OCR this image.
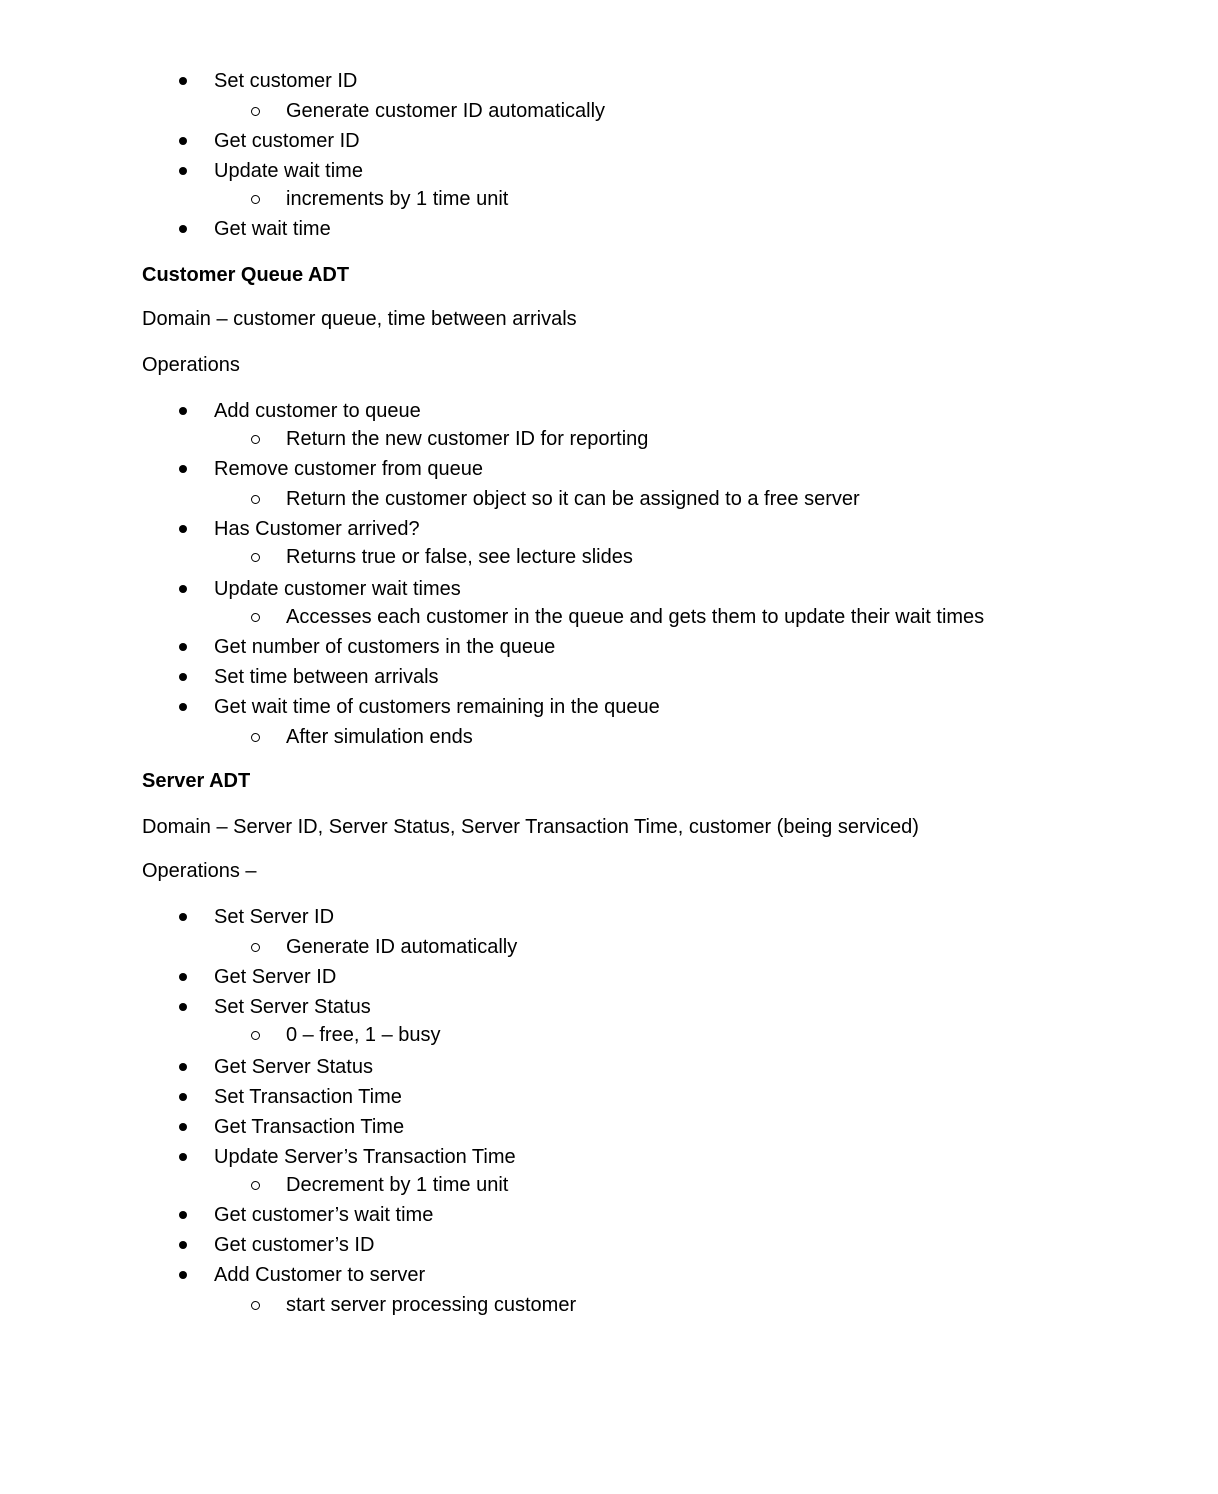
Set customer ID
Generate customer ID automatically
Get customer ID
Update wait time
increments by 1 time unit
Get wait time
Customer Queue ADT
Domain – customer queue, time between arrivals
Operations
Add customer to queue
Return the new customer ID for reporting
Remove customer from queue
Return the customer object so it can be assigned to a free server
Has Customer arrived?
Returns true or false, see lecture slides
Update customer wait times
Accesses each customer in the queue and gets them to update their wait times
Get number of customers in the queue
Set time between arrivals
Get wait time of customers remaining in the queue
After simulation ends
Server ADT
Domain – Server ID, Server Status, Server Transaction Time, customer (being serviced)
Operations –
Set Server ID
Generate ID automatically
Get Server ID
Set Server Status
0 – free, 1 – busy
Get Server Status
Set Transaction Time
Get Transaction Time
Update Server’s Transaction Time
Decrement by 1 time unit
Get customer’s wait time
Get customer’s ID
Add Customer to server
start server processing customer
